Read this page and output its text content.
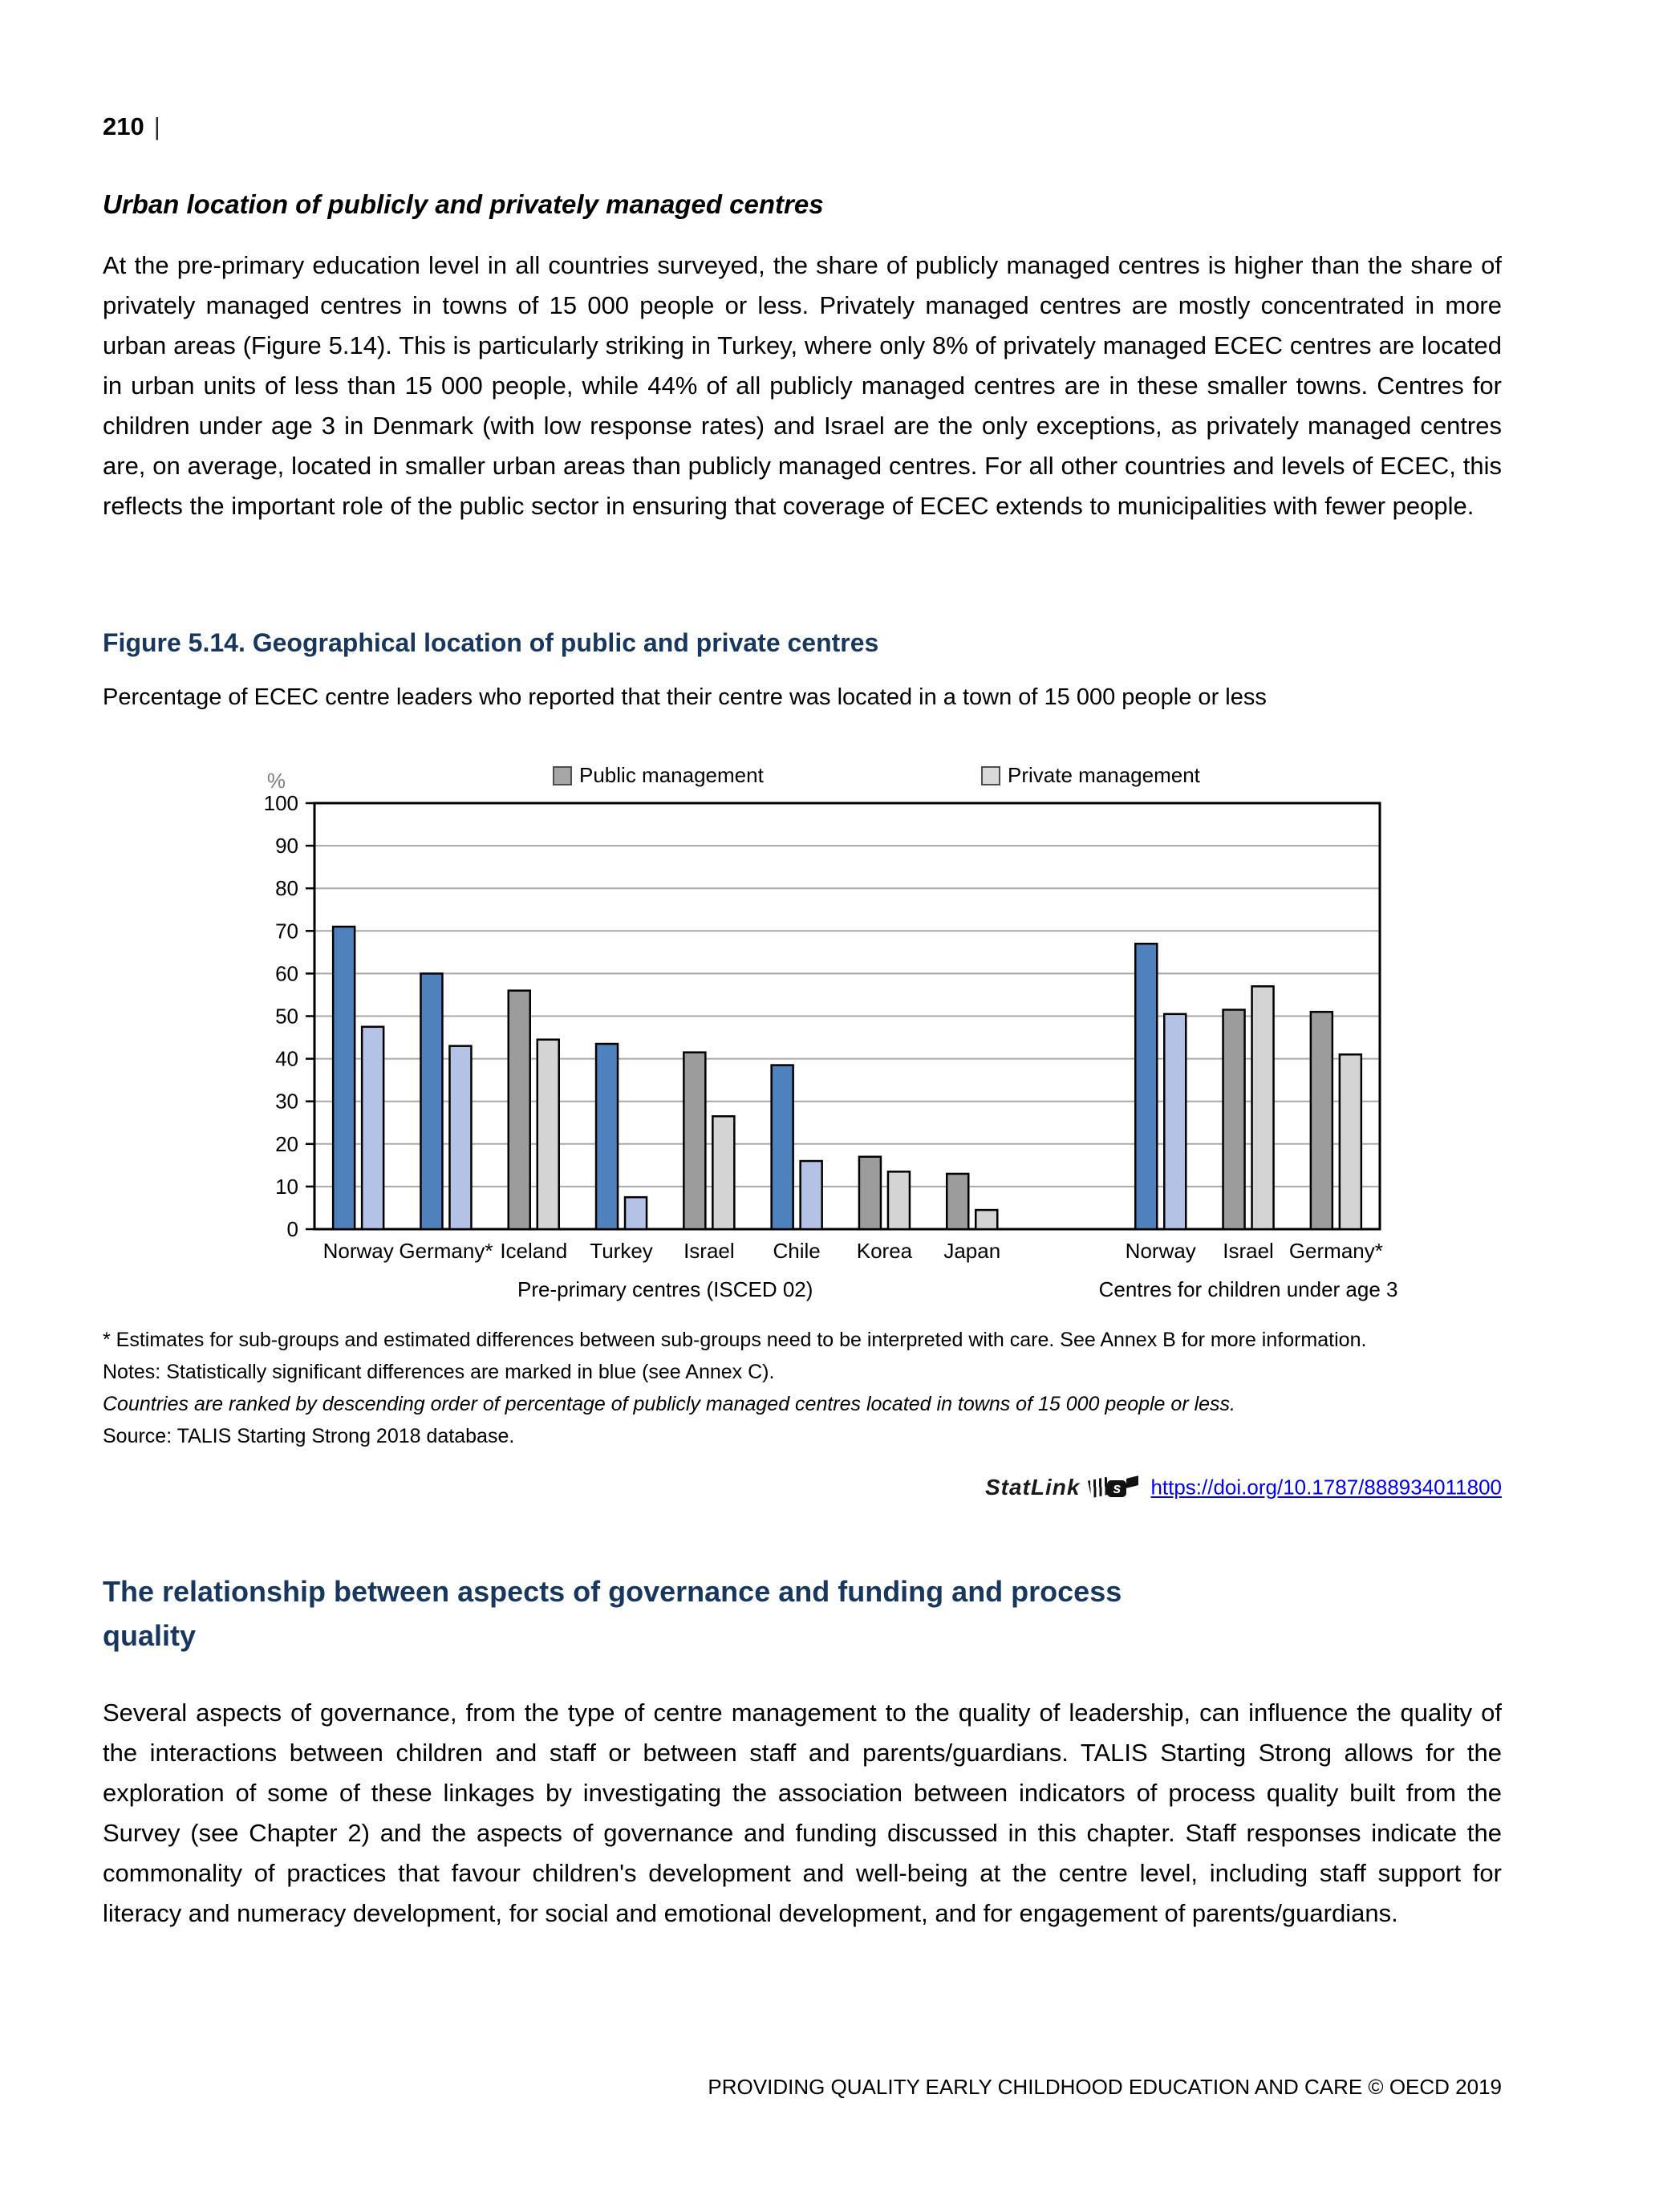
210 |
Urban location of publicly and privately managed centres

At the pre-primary education level in all countries surveyed, the share of publicly managed centres is higher than the share of privately managed centres in towns of 15 000 people or less. Privately managed centres are mostly concentrated in more urban areas (Figure 5.14). This is particularly striking in Turkey, where only 8% of privately managed ECEC centres are located in urban units of less than 15 000 people, while 44% of all publicly managed centres are in these smaller towns. Centres for children under age 3 in Denmark (with low response rates) and Israel are the only exceptions, as privately managed centres are, on average, located in smaller urban areas than publicly managed centres. For all other countries and levels of ECEC, this reflects the important role of the public sector in ensuring that coverage of ECEC extends to municipalities with fewer people.

Figure 5.14. Geographical location of public and private centres
Percentage of ECEC centre leaders who reported that their centre was located in a town of 15 000 people or less
0
10
20
30
40
50
60
70
80
90
100
%	Public management	Private management
Norway Germany* Iceland Turkey Israel Chile Korea Japan
Pre-primary centres (ISCED 02)
Norway Israel Germany*
Centres for children under age 3
* Estimates for sub-groups and estimated differences between sub-groups need to be interpreted with care. See Annex B for more information.
Notes: Statistically significant differences are marked in blue (see Annex C).
Countries are ranked by descending order of percentage of publicly managed centres located in towns of 15 000 people or less.
Source: TALIS Starting Strong 2018 database.
StatLink	s https://doi.org/10.1787/888934011800
The relationship between aspects of governance and funding and process quality

Several aspects of governance, from the type of centre management to the quality of leadership, can influence the quality of the interactions between children and staff or between staff and parents/guardians. TALIS Starting Strong allows for the exploration of some of these linkages by investigating the association between indicators of process quality built from the Survey (see Chapter 2) and the aspects of governance and funding discussed in this chapter. Staff responses indicate the commonality of practices that favour children's development and well-being at the centre level, including staff support for literacy and numeracy development, for social and emotional development, and for engagement of parents/guardians.

PROVIDING QUALITY EARLY CHILDHOOD EDUCATION AND CARE © OECD 2019
